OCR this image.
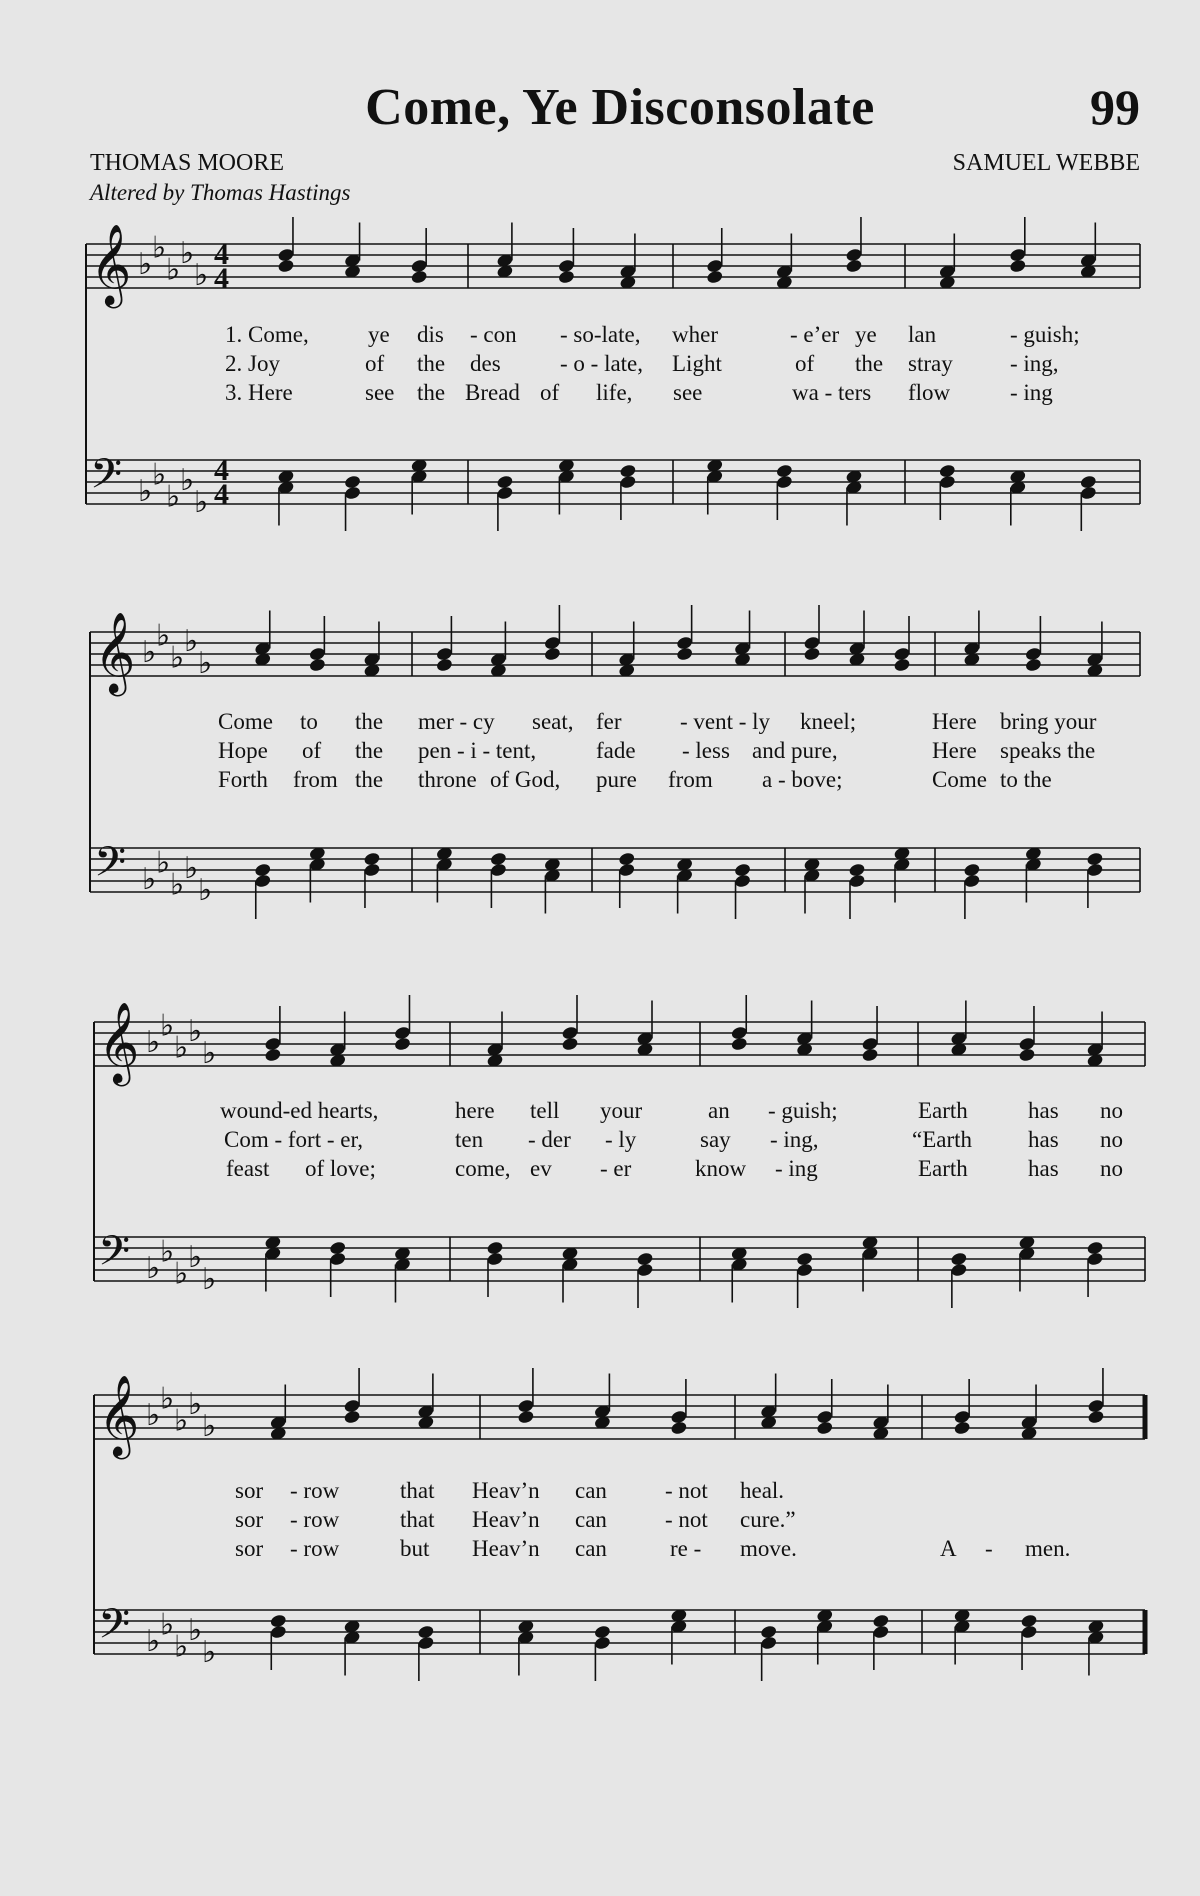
Come, Ye Disconsolate	99
THOMAS MOORE
Altered by Thomas Hastings
SAMUEL WEBBE
𝄞 ♭ ♭
♭ ♭
♭
4
4
𝄢 ♭ ♭
♭ ♭
♭
4
4
1. Come,	ye dis - con - so-late, wher	- e’er ye lan	- guish;
2. Joy	of the des	- o - late, Light	of the stray - ing,
3. Here	see the Bread of life, see	wa - ters flow	- ing
𝄞 ♭ ♭
♭ ♭
♭
𝄢 ♭ ♭
♭ ♭
♭
Come to the mer - cy seat, fer	- vent - ly kneel;	Here bring your
Hope of the pen - i - tent,	fade - less and pure,	Here speaks the
Forth from the throne of God, pure from a - bove;	Come to the
𝄞 ♭ ♭
♭ ♭
♭
𝄢 ♭ ♭
♭ ♭
♭
wound-ed hearts,	here tell your	an - guish;	Earth	has no
Com - fort - er,	ten - der - ly	say - ing,	“Earth has no
feast of love;	come, ev - er	know - ing	Earth	has no
𝄞 ♭ ♭
♭ ♭
♭
𝄢 ♭ ♭
♭ ♭
♭
sor - row	that Heav’n can	- not heal.
sor - row	that Heav’n can	- not cure.”
sor - row	but Heav’n can	re - move.	A - men.
